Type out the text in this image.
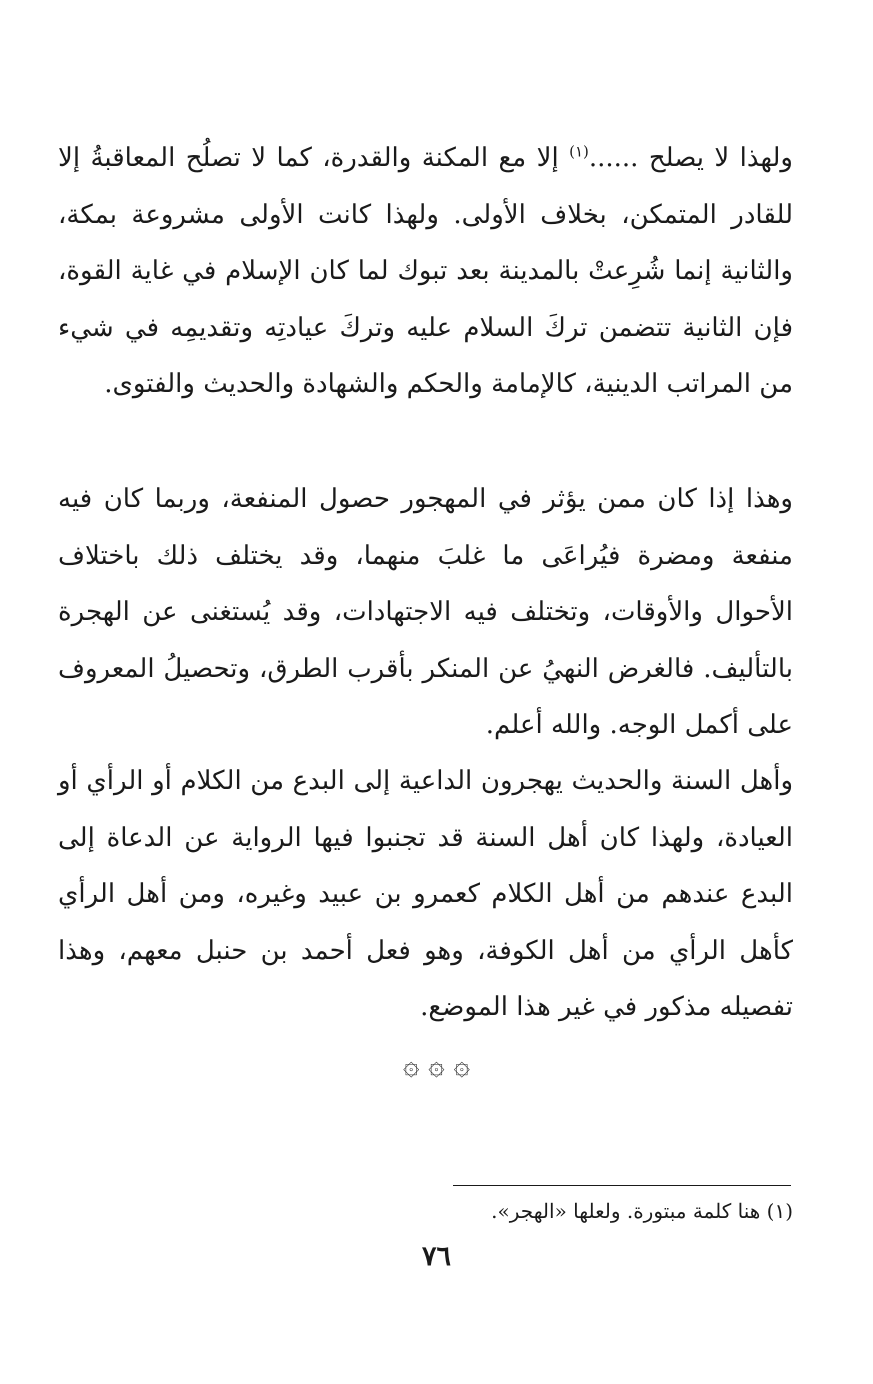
ولهذا لا يصلح ......$^{(١)}$ إلا مع المكنة والقدرة، كما لا تصلُح المعاقبةُ إلا للقادر المتمكن، بخلاف الأولى. ولهذا كانت الأولى مشروعة بمكة، والثانية إنما شُرِعتْ بالمدينة بعد تبوك لما كان الإسلام في غاية القوة، فإن الثانية تتضمن تركَ السلام عليه وتركَ عيادتِه وتقديمِه في شيء من المراتب الدينية، كالإمامة والحكم والشهادة والحديث والفتوى.

وهذا إذا كان ممن يؤثر في المهجور حصول المنفعة، وربما كان فيه منفعة ومضرة فيُراعَى ما غلبَ منهما، وقد يختلف ذلك باختلاف الأحوال والأوقات، وتختلف فيه الاجتهادات، وقد يُستغنى عن الهجرة بالتأليف. فالغرض النهيُ عن المنكر بأقرب الطرق، وتحصيلُ المعروف على أكمل الوجه. والله أعلم.

وأهل السنة والحديث يهجرون الداعية إلى البدع من الكلام أو الرأي أو العيادة، ولهذا كان أهل السنة قد تجنبوا فيها الرواية عن الدعاة إلى البدع عندهم من أهل الكلام كعمرو بن عبيد وغيره، ومن أهل الرأي كأهل الرأي من أهل الكوفة، وهو فعل أحمد بن حنبل معهم، وهذا تفصيله مذكور في غير هذا الموضع.

۞ ۞ ۞
(١) هنا كلمة مبتورة. ولعلها «الهجر».
٧٦
